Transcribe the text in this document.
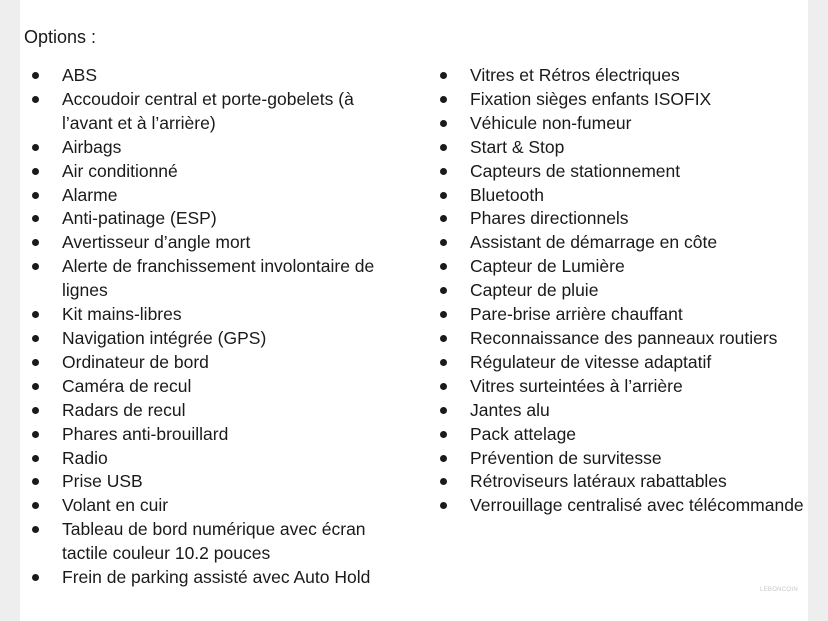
Options :
ABS
Accoudoir central et porte-gobelets (à l’avant et à l’arrière)
Airbags
Air conditionné
Alarme
Anti-patinage (ESP)
Avertisseur d’angle mort
Alerte de franchissement involontaire de lignes
Kit mains-libres
Navigation intégrée (GPS)
Ordinateur de bord
Caméra de recul
Radars de recul
Phares anti-brouillard
Radio
Prise USB
Volant en cuir
Tableau de bord numérique avec écran tactile couleur 10.2 pouces
Frein de parking assisté avec Auto Hold
Vitres et Rétros électriques
Fixation sièges enfants ISOFIX
Véhicule non-fumeur
Start & Stop
Capteurs de stationnement
Bluetooth
Phares directionnels
Assistant de démarrage en côte
Capteur de Lumière
Capteur de pluie
Pare-brise arrière chauffant
Reconnaissance des panneaux routiers
Régulateur de vitesse adaptatif
Vitres surteintées à l’arrière
Jantes alu
Pack attelage
Prévention de survitesse
Rétroviseurs latéraux rabattables
Verrouillage centralisé avec télécommande
LEBONCOIN
